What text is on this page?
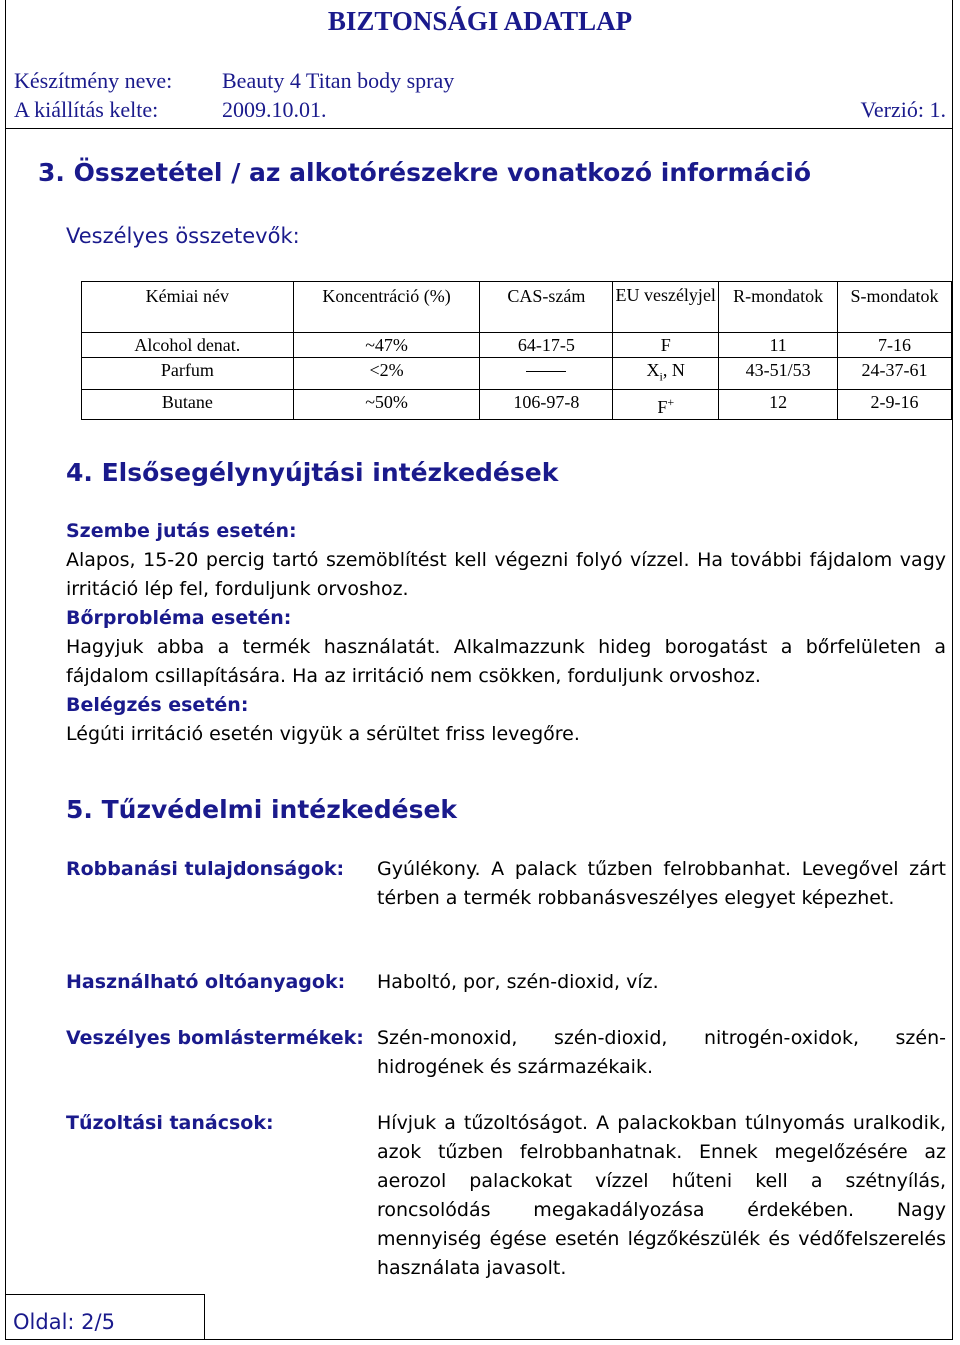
BIZTONSÁGI ADATLAP
Készítmény neve: Beauty 4 Titan body spray
A kiállítás kelte:	2009.10.01.	Verzió: 1.
3. Összetétel / az alkotórészekre vonatkozó információ
Veszélyes összetevők:
Kémiai név	Koncentráció (%)	CAS-szám	EU veszélyjel	R-mondatok	S-mondatok
Alcohol denat.	~47%	64-17-5	F	11	7-16
Parfum	<2%		$X_i$, N	43-51/53	24-37-61
Butane	~50%	106-97-8	F+	12	2-9-16
4. Elsősegélynyújtási intézkedések
Szembe jutás esetén:
Alapos, 15-20 percig tartó szemöblítést kell végezni folyó vízzel. Ha további fájdalom vagy irritáció lép fel, forduljunk orvoshoz.
Bőrprobléma esetén:
Hagyjuk abba a termék használatát. Alkalmazzunk hideg borogatást a bőrfelületen a fájdalom csillapítására. Ha az irritáció nem csökken, forduljunk orvoshoz.
Belégzés esetén:
Légúti irritáció esetén vigyük a sérültet friss levegőre.
5. Tűzvédelmi intézkedések
Robbanási tulajdonságok: Gyúlékony. A palack tűzben felrobbanhat. Levegővel zárt térben a termék robbanásveszélyes elegyet képezhet.
Használható oltóanyagok: Haboltó, por, szén-dioxid, víz.
Veszélyes bomlástermékek: Szén-monoxid, szén-dioxid, nitrogén-oxidok, szén-hidrogének és származékaik.
Tűzoltási tanácsok:	Hívjuk a tűzoltóságot. A palackokban túlnyomás uralkodik, azok tűzben felrobbanhatnak. Ennek megelőzésére az aerozol palackokat vízzel hűteni kell a szétnyílás, roncsolódás megakadályozása érdekében. Nagy mennyiség égése esetén légzőkészülék és védőfelszerelés használata javasolt.
Oldal: 2/5
